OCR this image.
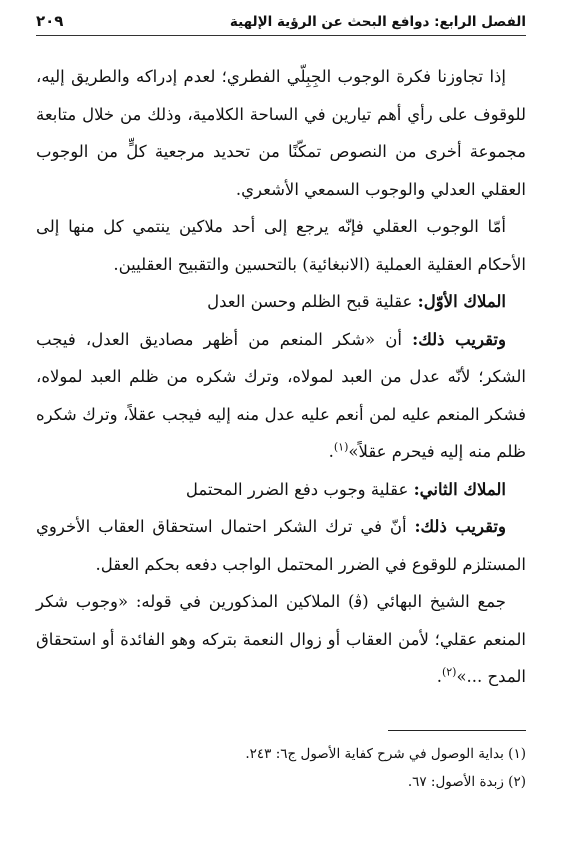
الفصل الرابع: دوافع البحث عن الرؤية الإلهية
٢٠٩

إذا تجاوزنا فكرة الوجوب الجِبِلّي الفطري؛ لعدم إدراكه والطريق إليه، للوقوف على رأي أهم تيارين في الساحة الكلامية، وذلك من خلال متابعة مجموعة أخرى من النصوص تمكّنًا من تحديد مرجعية كلٍّ من الوجوب العقلي العدلي والوجوب السمعي الأشعري.

أمّا الوجوب العقلي فإنّه يرجع إلى أحد ملاكين ينتمي كل منها إلى الأحكام العقلية العملية (الانبغائية) بالتحسين والتقبيح العقليين.

الملاك الأوّل: عقلية قبح الظلم وحسن العدل

وتقريب ذلك: أن «شكر المنعم من أظهر مصاديق العدل، فيجب الشكر؛ لأنّه عدل من العبد لمولاه، وترك شكره من ظلم العبد لمولاه، فشكر المنعم عليه لمن أنعم عليه عدل منه إليه فيجب عقلاً، وترك شكره ظلم منه إليه فيحرم عقلاً»$^{(١)}$.

الملاك الثاني: عقلية وجوب دفع الضرر المحتمل

وتقريب ذلك: أنّ في ترك الشكر احتمال استحقاق العقاب الأخروي المستلزم للوقوع في الضرر المحتمل الواجب دفعه بحكم العقل.

جمع الشيخ البهائي (ﭬ) الملاكين المذكورين في قوله: «وجوب شكر المنعم عقلي؛ لأمن العقاب أو زوال النعمة بتركه وهو الفائدة أو استحقاق المدح ...»$^{(٢)}$.

(١) بداية الوصول في شرح كفاية الأصول ج٦: ٢٤٣.

(٢) زبدة الأصول: ٦٧.
